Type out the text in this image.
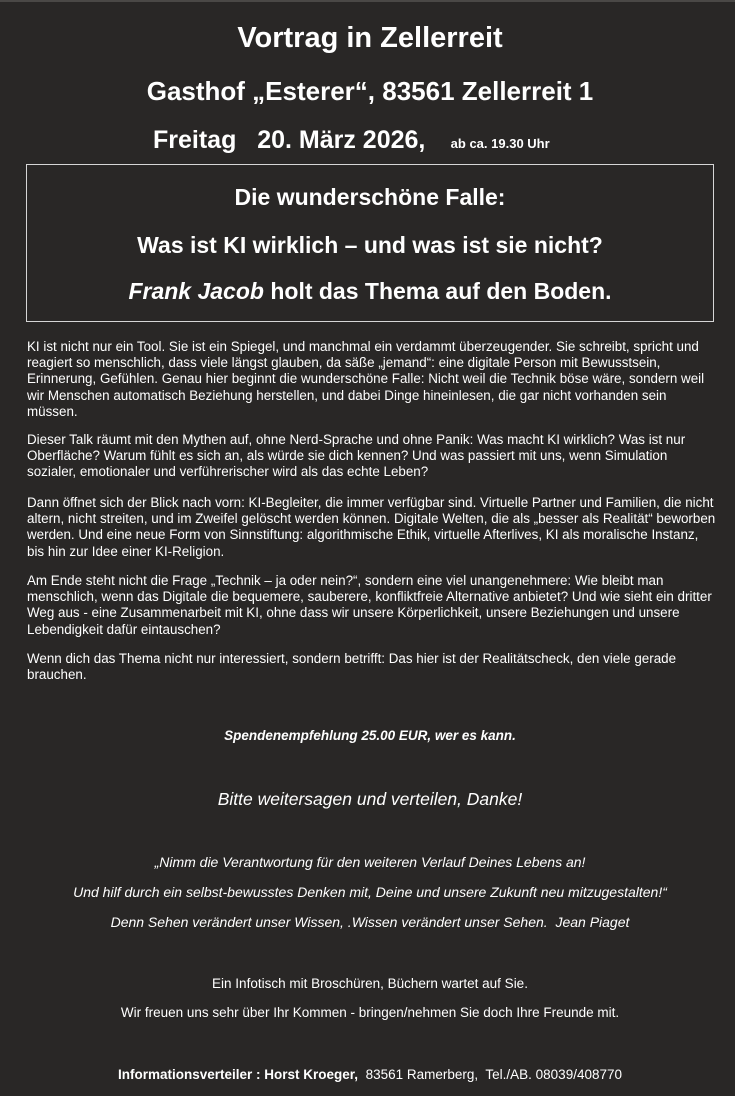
Vortrag in Zellerreit
Gasthof „Esterer“, 83561 Zellerreit 1
Freitag 20. März 2026, ab ca. 19.30 Uhr
Die wunderschöne Falle:
Was ist KI wirklich – und was ist sie nicht?
Frank Jacob holt das Thema auf den Boden.

KI ist nicht nur ein Tool. Sie ist ein Spiegel, und manchmal ein verdammt überzeugender. Sie schreibt, spricht und reagiert so menschlich, dass viele längst glauben, da säße „jemand“: eine digitale Person mit Bewusstsein, Erinnerung, Gefühlen. Genau hier beginnt die wunderschöne Falle: Nicht weil die Technik böse wäre, sondern weil wir Menschen automatisch Beziehung herstellen, und dabei Dinge hineinlesen, die gar nicht vorhanden sein müssen.

Dieser Talk räumt mit den Mythen auf, ohne Nerd-Sprache und ohne Panik: Was macht KI wirklich? Was ist nur Oberfläche? Warum fühlt es sich an, als würde sie dich kennen? Und was passiert mit uns, wenn Simulation sozialer, emotionaler und verführerischer wird als das echte Leben?

Dann öffnet sich der Blick nach vorn: KI-Begleiter, die immer verfügbar sind. Virtuelle Partner und Familien, die nicht altern, nicht streiten, und im Zweifel gelöscht werden können. Digitale Welten, die als „besser als Realität“ beworben werden. Und eine neue Form von Sinnstiftung: algorithmische Ethik, virtuelle Afterlives, KI als moralische Instanz, bis hin zur Idee einer KI-Religion.

Am Ende steht nicht die Frage „Technik – ja oder nein?“, sondern eine viel unangenehmere: Wie bleibt man menschlich, wenn das Digitale die bequemere, sauberere, konfliktfreie Alternative anbietet? Und wie sieht ein dritter Weg aus - eine Zusammenarbeit mit KI, ohne dass wir unsere Körperlichkeit, unsere Beziehungen und unsere Lebendigkeit dafür eintauschen?

Wenn dich das Thema nicht nur interessiert, sondern betrifft: Das hier ist der Realitätscheck, den viele gerade brauchen.

Spendenempfehlung 25.00 EUR, wer es kann.

Bitte weitersagen und verteilen, Danke!

„Nimm die Verantwortung für den weiteren Verlauf Deines Lebens an!

Und hilf durch ein selbst-bewusstes Denken mit, Deine und unsere Zukunft neu mitzugestalten!“

Denn Sehen verändert unser Wissen, .Wissen verändert unser Sehen.  Jean Piaget

Ein Infotisch mit Broschüren, Büchern wartet auf Sie.

Wir freuen uns sehr über Ihr Kommen - bringen/nehmen Sie doch Ihre Freunde mit.

Informationsverteiler : Horst Kroeger,  83561 Ramerberg,  Tel./AB. 08039/408770
